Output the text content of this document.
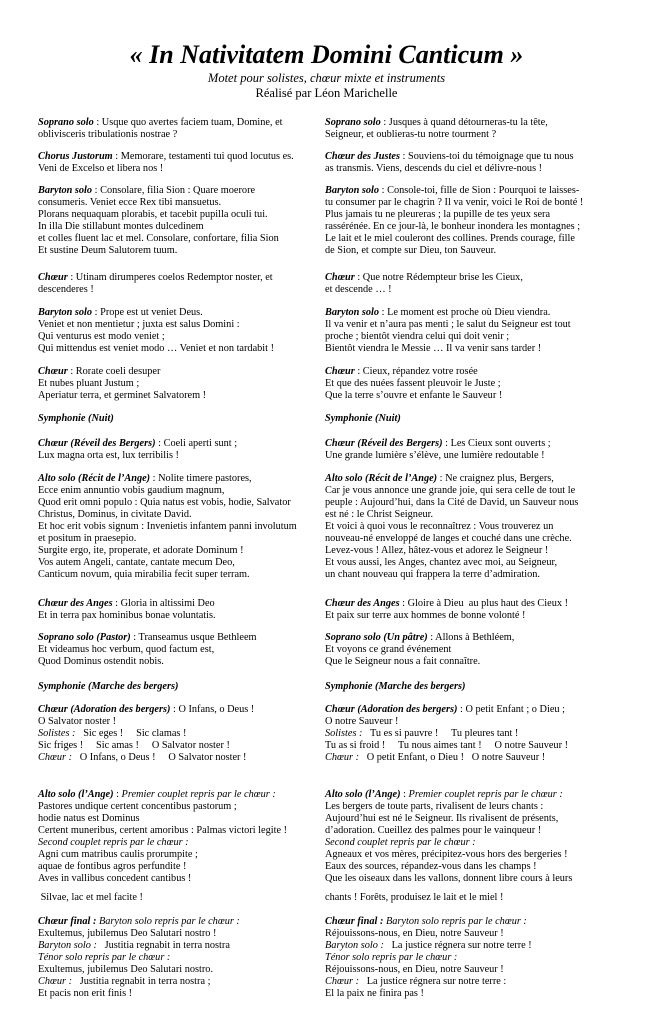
« In Nativitatem Domini Canticum »
Motet pour solistes, chœur mixte et instruments
Réalisé par Léon Marichelle
Soprano solo : Usque quo avertes faciem tuam, Domine, et
oblivisceris tribulationis nostrae ?
Chorus Justorum : Memorare, testamenti tui quod locutus es.
Veni de Excelso et libera nos !
Baryton solo : Consolare, filia Sion : Quare moerore
consumeris. Veniet ecce Rex tibi mansuetus.
Plorans nequaquam plorabis, et tacebit pupilla oculi tui.
In illa Die stillabunt montes dulcedinem
et colles fluent lac et mel. Consolare, confortare, filia Sion
Et sustine Deum Salutorem tuum.
Chœur : Utinam dirumperes coelos Redemptor noster, et
descenderes !
Baryton solo : Prope est ut veniet Deus.
Veniet et non mentietur ; juxta est salus Domini :
Qui venturus est modo veniet ;
Qui mittendus est veniet modo … Veniet et non tardabit !
Chœur : Rorate coeli desuper
Et nubes pluant Justum ;
Aperiatur terra, et germinet Salvatorem !
Symphonie (Nuit)
Chœur (Réveil des Bergers) : Coeli aperti sunt ;
Lux magna orta est, lux terribilis !
Alto solo (Récit de l’Ange) : Nolite timere pastores,
Ecce enim annuntio vobis gaudium magnum,
Quod erit omni populo : Quia natus est vobis, hodie, Salvator
Christus, Dominus, in civitate David.
Et hoc erit vobis signum : Invenietis infantem panni involutum
et positum in praesepio.
Surgite ergo, ite, properate, et adorate Dominum !
Vos autem Angeli, cantate, cantate mecum Deo,
Canticum novum, quia mirabilia fecit super terram.
Chœur des Anges : Gloria in altissimi Deo
Et in terra pax hominibus bonae voluntatis.
Soprano solo (Pastor) : Transeamus usque Bethleem
Et videamus hoc verbum, quod factum est,
Quod Dominus ostendit nobis.
Symphonie (Marche des bergers)
Chœur (Adoration des bergers) : O Infans, o Deus !
O Salvator noster !
Solistes :   Sic eges !     Sic clamas !
Sic friges !     Sic amas !     O Salvator noster !
Chœur :   O Infans, o Deus !     O Salvator noster !
Alto solo (l’Ange) : Premier couplet repris par le chœur :
Pastores undique certent concentibus pastorum ;
hodie natus est Dominus
Certent muneribus, certent amoribus : Palmas victori legite !
Second couplet repris par le chœur :
Agni cum matribus caulis prorumpite ;
aquae de fontibus agros perfundite !
Aves in vallibus concedent cantibus !
Silvae, lac et mel facite !
Chœur final : Baryton solo repris par le chœur :
Exultemus, jubilemus Deo Salutari nostro !
Baryton solo :   Justitia regnabit in terra nostra
Ténor solo repris par le chœur :
Exultemus, jubilemus Deo Salutari nostro.
Chœur :   Justitia regnabit in terra nostra ;
Et pacis non erit finis !
Soprano solo : Jusques à quand détourneras-tu la tête,
Seigneur, et oublieras-tu notre tourment ?
Chœur des Justes : Souviens-toi du témoignage que tu nous
as transmis. Viens, descends du ciel et délivre-nous !
Baryton solo : Console-toi, fille de Sion : Pourquoi te laisses-
tu consumer par le chagrin ? Il va venir, voici le Roi de bonté !
Plus jamais tu ne pleureras ; la pupille de tes yeux sera
rassérénée. En ce jour-là, le bonheur inondera les montagnes ;
Le lait et le miel couleront des collines. Prends courage, fille
de Sion, et compte sur Dieu, ton Sauveur.
Chœur : Que notre Rédempteur brise les Cieux,
et descende … !
Baryton solo : Le moment est proche où Dieu viendra.
Il va venir et n’aura pas menti ; le salut du Seigneur est tout
proche ; bientôt viendra celui qui doit venir ;
Bientôt viendra le Messie … Il va venir sans tarder !
Chœur : Cieux, répandez votre rosée
Et que des nuées fassent pleuvoir le Juste ;
Que la terre s’ouvre et enfante le Sauveur !
Symphonie (Nuit)
Chœur (Réveil des Bergers) : Les Cieux sont ouverts ;
Une grande lumière s’élève, une lumière redoutable !
Alto solo (Récit de l’Ange) : Ne craignez plus, Bergers,
Car je vous annonce une grande joie, qui sera celle de tout le
peuple : Aujourd’hui, dans la Cité de David, un Sauveur nous
est né : le Christ Seigneur.
Et voici à quoi vous le reconnaîtrez : Vous trouverez un
nouveau-né enveloppé de langes et couché dans une crèche.
Levez-vous ! Allez, hâtez-vous et adorez le Seigneur !
Et vous aussi, les Anges, chantez avec moi, au Seigneur,
un chant nouveau qui frappera la terre d’admiration.
Chœur des Anges : Gloire à Dieu  au plus haut des Cieux !
Et paix sur terre aux hommes de bonne volonté !
Soprano solo (Un pâtre) : Allons à Bethléem,
Et voyons ce grand événement
Que le Seigneur nous a fait connaître.
Symphonie (Marche des bergers)
Chœur (Adoration des bergers) : O petit Enfant ; o Dieu ;
O notre Sauveur !
Solistes :   Tu es si pauvre !     Tu pleures tant !
Tu as si froid !     Tu nous aimes tant !     O notre Sauveur !
Chœur :   O petit Enfant, o Dieu !   O notre Sauveur !
Alto solo (l’Ange) : Premier couplet repris par le chœur :
Les bergers de toute parts, rivalisent de leurs chants :
Aujourd’hui est né le Seigneur. Ils rivalisent de présents,
d’adoration. Cueillez des palmes pour le vainqueur !
Second couplet repris par le chœur :
Agneaux et vos mères, précipitez-vous hors des bergeries !
Eaux des sources, répandez-vous dans les champs !
Que les oiseaux dans les vallons, donnent libre cours à leurs
chants ! Forêts, produisez le lait et le miel !
Chœur final : Baryton solo repris par le chœur :
Réjouissons-nous, en Dieu, notre Sauveur !
Baryton solo :   La justice régnera sur notre terre !
Ténor solo repris par le chœur :
Réjouissons-nous, en Dieu, notre Sauveur !
Chœur :   La justice régnera sur notre terre :
El la paix ne finira pas !
